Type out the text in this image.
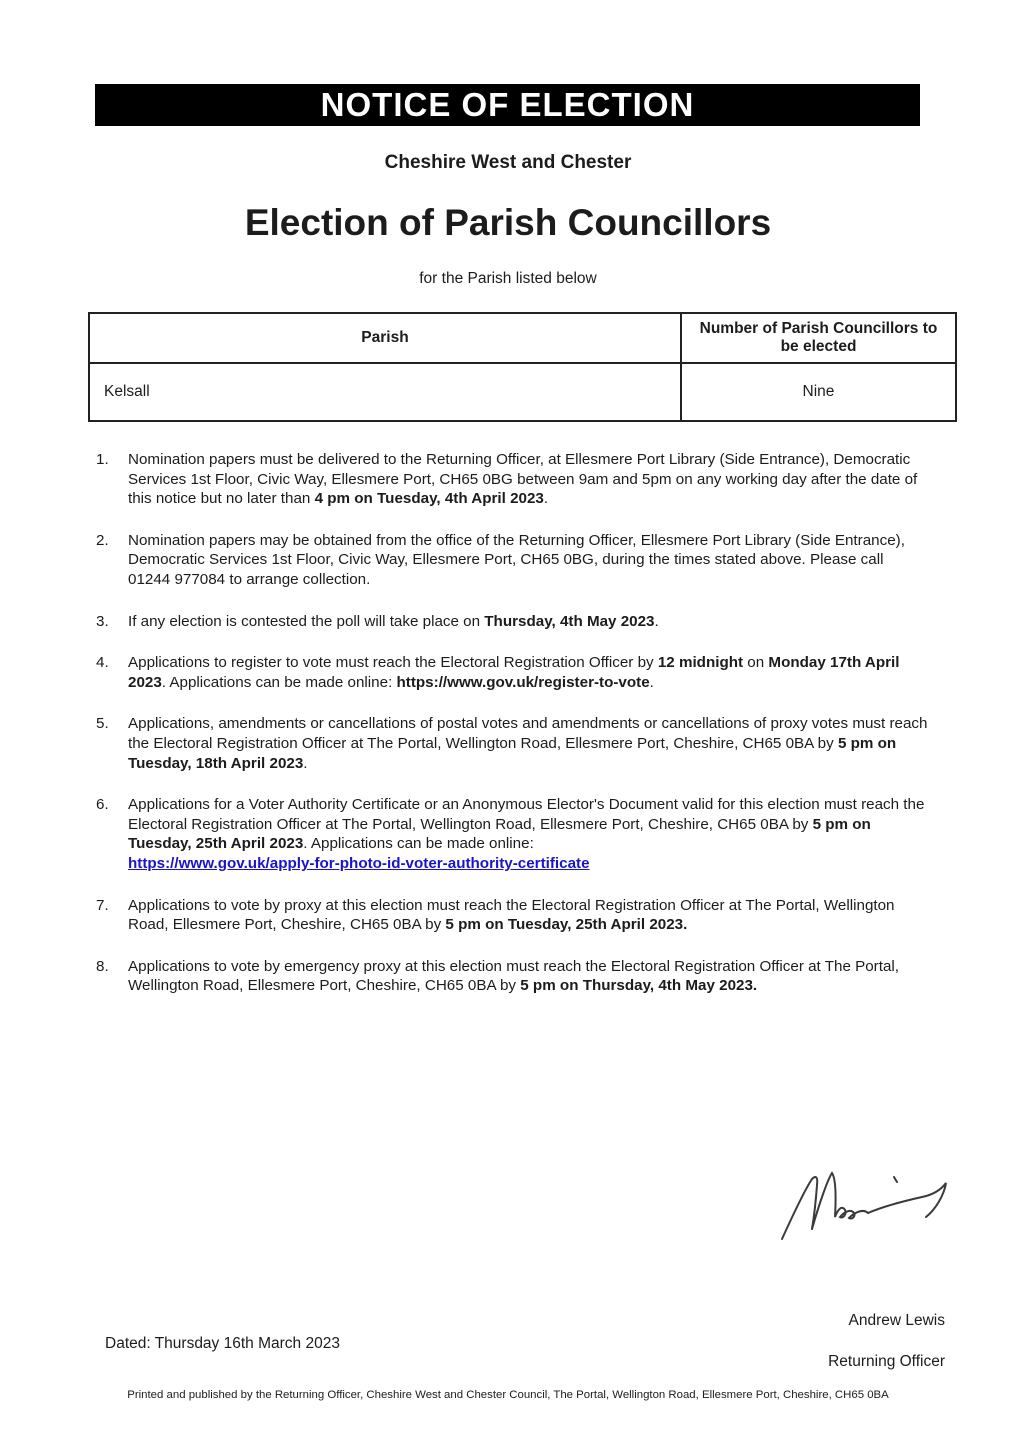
NOTICE OF ELECTION
Cheshire West and Chester
Election of Parish Councillors
for the Parish listed below
Parish	Number of Parish Councillors to be elected
Kelsall	Nine
1.	Nomination papers must be delivered to the Returning Officer, at Ellesmere Port Library (Side Entrance), Democratic Services 1st Floor, Civic Way, Ellesmere Port, CH65 0BG between 9am and 5pm on any working day after the date of this notice but no later than 4 pm on Tuesday, 4th April 2023.
2.	Nomination papers may be obtained from the office of the Returning Officer, Ellesmere Port Library (Side Entrance), Democratic Services 1st Floor, Civic Way, Ellesmere Port, CH65 0BG, during the times stated above. Please call 01244 977084 to arrange collection.
3.	If any election is contested the poll will take place on Thursday, 4th May 2023.
4.	Applications to register to vote must reach the Electoral Registration Officer by 12 midnight on Monday 17th April 2023. Applications can be made online: https://www.gov.uk/register-to-vote.
5.	Applications, amendments or cancellations of postal votes and amendments or cancellations of proxy votes must reach the Electoral Registration Officer at The Portal, Wellington Road, Ellesmere Port, Cheshire, CH65 0BA by 5 pm on Tuesday, 18th April 2023.
6.	Applications for a Voter Authority Certificate or an Anonymous Elector's Document valid for this election must reach the Electoral Registration Officer at The Portal, Wellington Road, Ellesmere Port, Cheshire, CH65 0BA by 5 pm on Tuesday, 25th April 2023. Applications can be made online:
https://www.gov.uk/apply-for-photo-id-voter-authority-certificate
7.	Applications to vote by proxy at this election must reach the Electoral Registration Officer at The Portal, Wellington Road, Ellesmere Port, Cheshire, CH65 0BA by 5 pm on Tuesday, 25th April 2023.
8.	Applications to vote by emergency proxy at this election must reach the Electoral Registration Officer at The Portal, Wellington Road, Ellesmere Port, Cheshire, CH65 0BA by 5 pm on Thursday, 4th May 2023.
Andrew Lewis
Dated: Thursday 16th March 2023
Returning Officer
Printed and published by the Returning Officer, Cheshire West and Chester Council, The Portal, Wellington Road, Ellesmere Port, Cheshire, CH65 0BA
